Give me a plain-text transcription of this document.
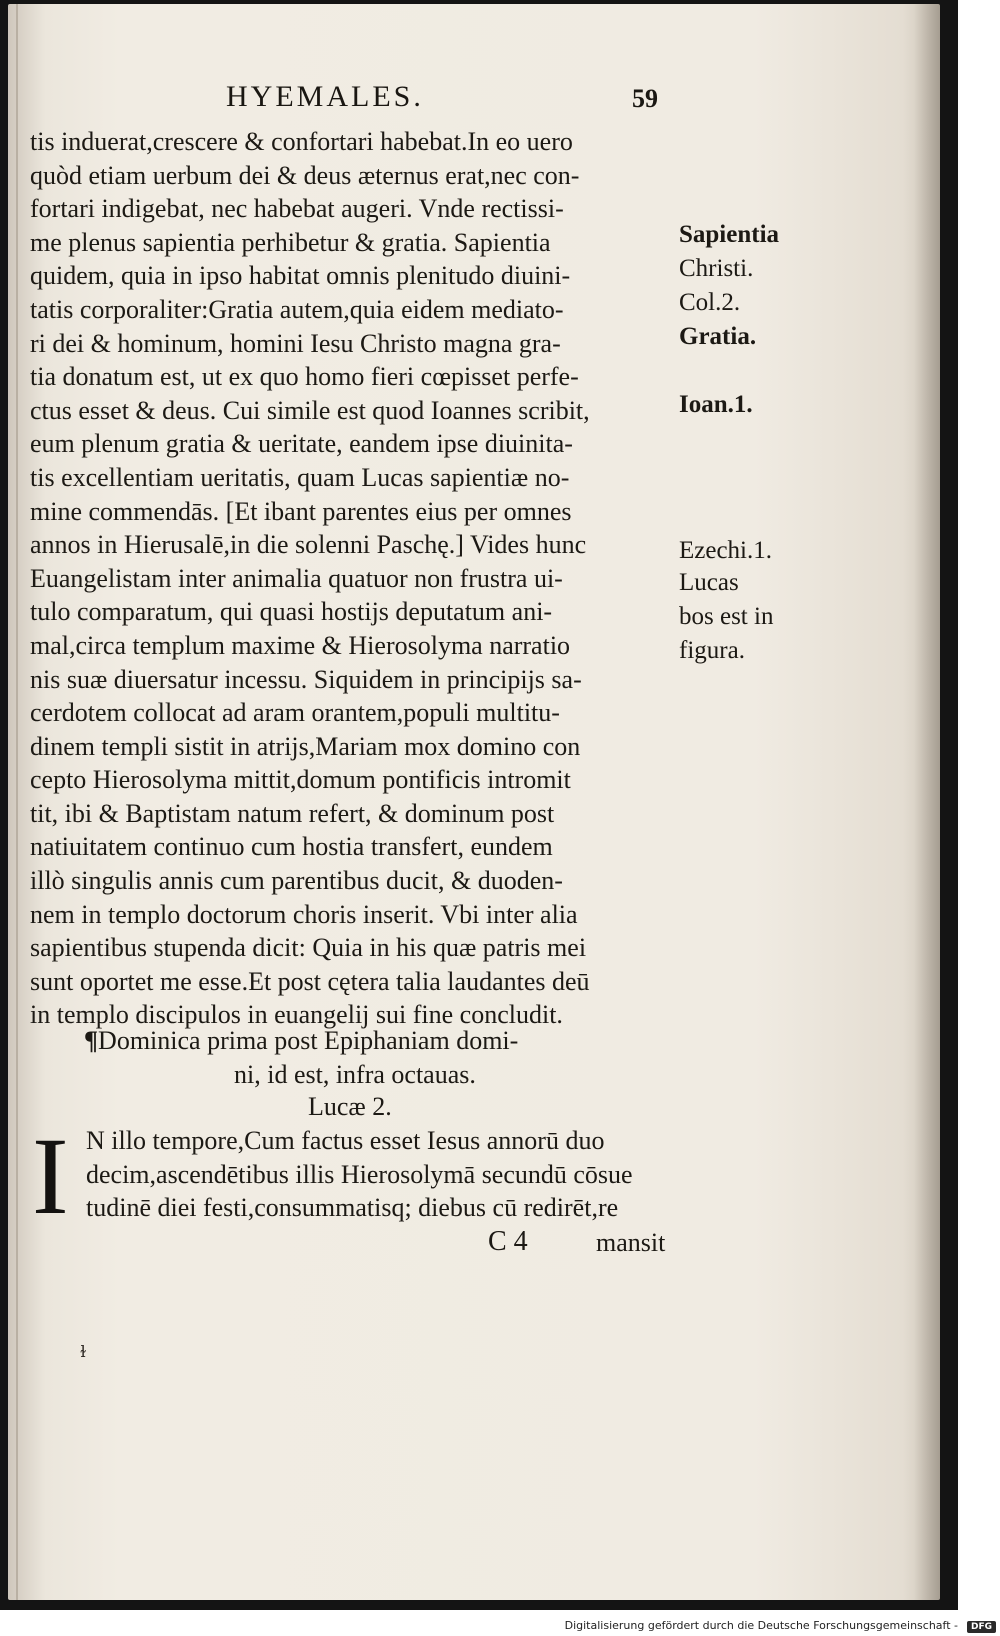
HYEMALES.	59
tis induerat,crescere & confortari habebat.In eo uero
quòd etiam uerbum dei & deus æternus erat,nec con-
fortari indigebat, nec habebat augeri. Vnde rectissi-
me plenus sapientia perhibetur & gratia. Sapientia
quidem, quia in ipso habitat omnis plenitudo diuini-
tatis corporaliter:Gratia autem,quia eidem mediato-
ri dei & hominum, homini Iesu Christo magna gra-
tia donatum est, ut ex quo homo fieri cœpisset perfe-
ctus esset & deus. Cui simile est quod Ioannes scribit,
eum plenum gratia & ueritate, eandem ipse diuinita-
tis excellentiam ueritatis, quam Lucas sapientiæ no-
mine commendās. [Et ibant parentes eius per omnes
annos in Hierusalē,in die solenni Paschę.] Vides hunc
Euangelistam inter animalia quatuor non frustra ui-
tulo comparatum, qui quasi hostijs deputatum ani-
mal,circa templum maxime & Hierosolyma narratio
nis suæ diuersatur incessu. Siquidem in principijs sa-
cerdotem collocat ad aram orantem,populi multitu-
dinem templi sistit in atrijs,Mariam mox domino con
cepto Hierosolyma mittit,domum pontificis intromit
tit, ibi & Baptistam natum refert, & dominum post
natiuitatem continuo cum hostia transfert, eundem
illò singulis annis cum parentibus ducit, & duoden-
nem in templo doctorum choris inserit. Vbi inter alia
sapientibus stupenda dicit: Quia in his quæ patris mei
sunt oportet me esse.Et post cętera talia laudantes deū
in templo discipulos in euangelij sui fine concludit.
Sapientia
Christi.
Col.2.
Gratia.
Ioan.1.
Ezechi.1.
Lucas
bos est in
figura.
¶Dominica prima post Epiphaniam domi-
ni, id est, infra octauas.
Lucæ 2.
I N illo tempore,Cum factus esset Iesus annorū duo
decim,ascendētibus illis Hierosolymā secundū cōsue
tudinē diei festi,consummatisq; diebus cū redirēt,re
C 4	mansit
ɫ
Digitalisierung gefördert durch die Deutsche Forschungsgemeinschaft -	DFG
